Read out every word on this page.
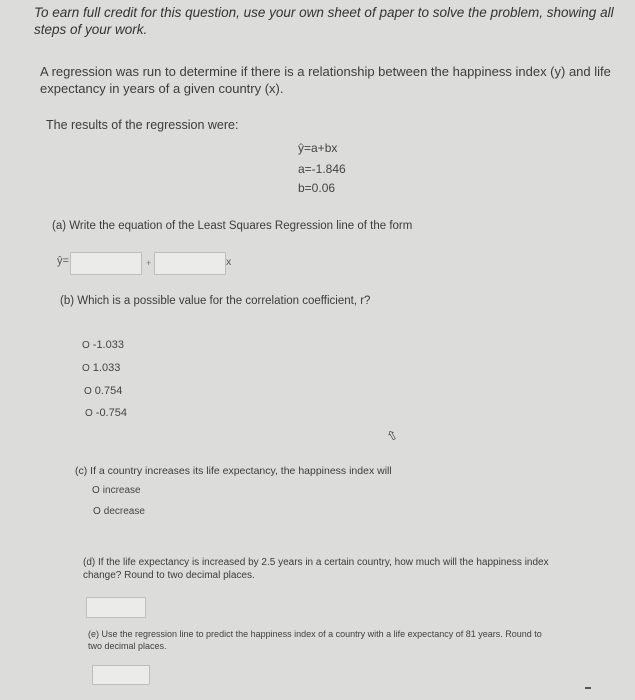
To earn full credit for this question, use your own sheet of paper to solve the problem, showing all steps of your work.
A regression was run to determine if there is a relationship between the happiness index (y) and life expectancy in years of a given country (x).
The results of the regression were:
ŷ=a+bx
a=-1.846
b=0.06
(a) Write the equation of the Least Squares Regression line of the form
ŷ=	+	x
(b) Which is a possible value for the correlation coefficient, r?
O -1.033
O 1.033
O 0.754
O -0.754
⇧
(c) If a country increases its life expectancy, the happiness index will
O increase
O decrease
(d) If the life expectancy is increased by 2.5 years in a certain country, how much will the happiness index change? Round to two decimal places.
(e) Use the regression line to predict the happiness index of a country with a life expectancy of 81 years. Round to two decimal places.
